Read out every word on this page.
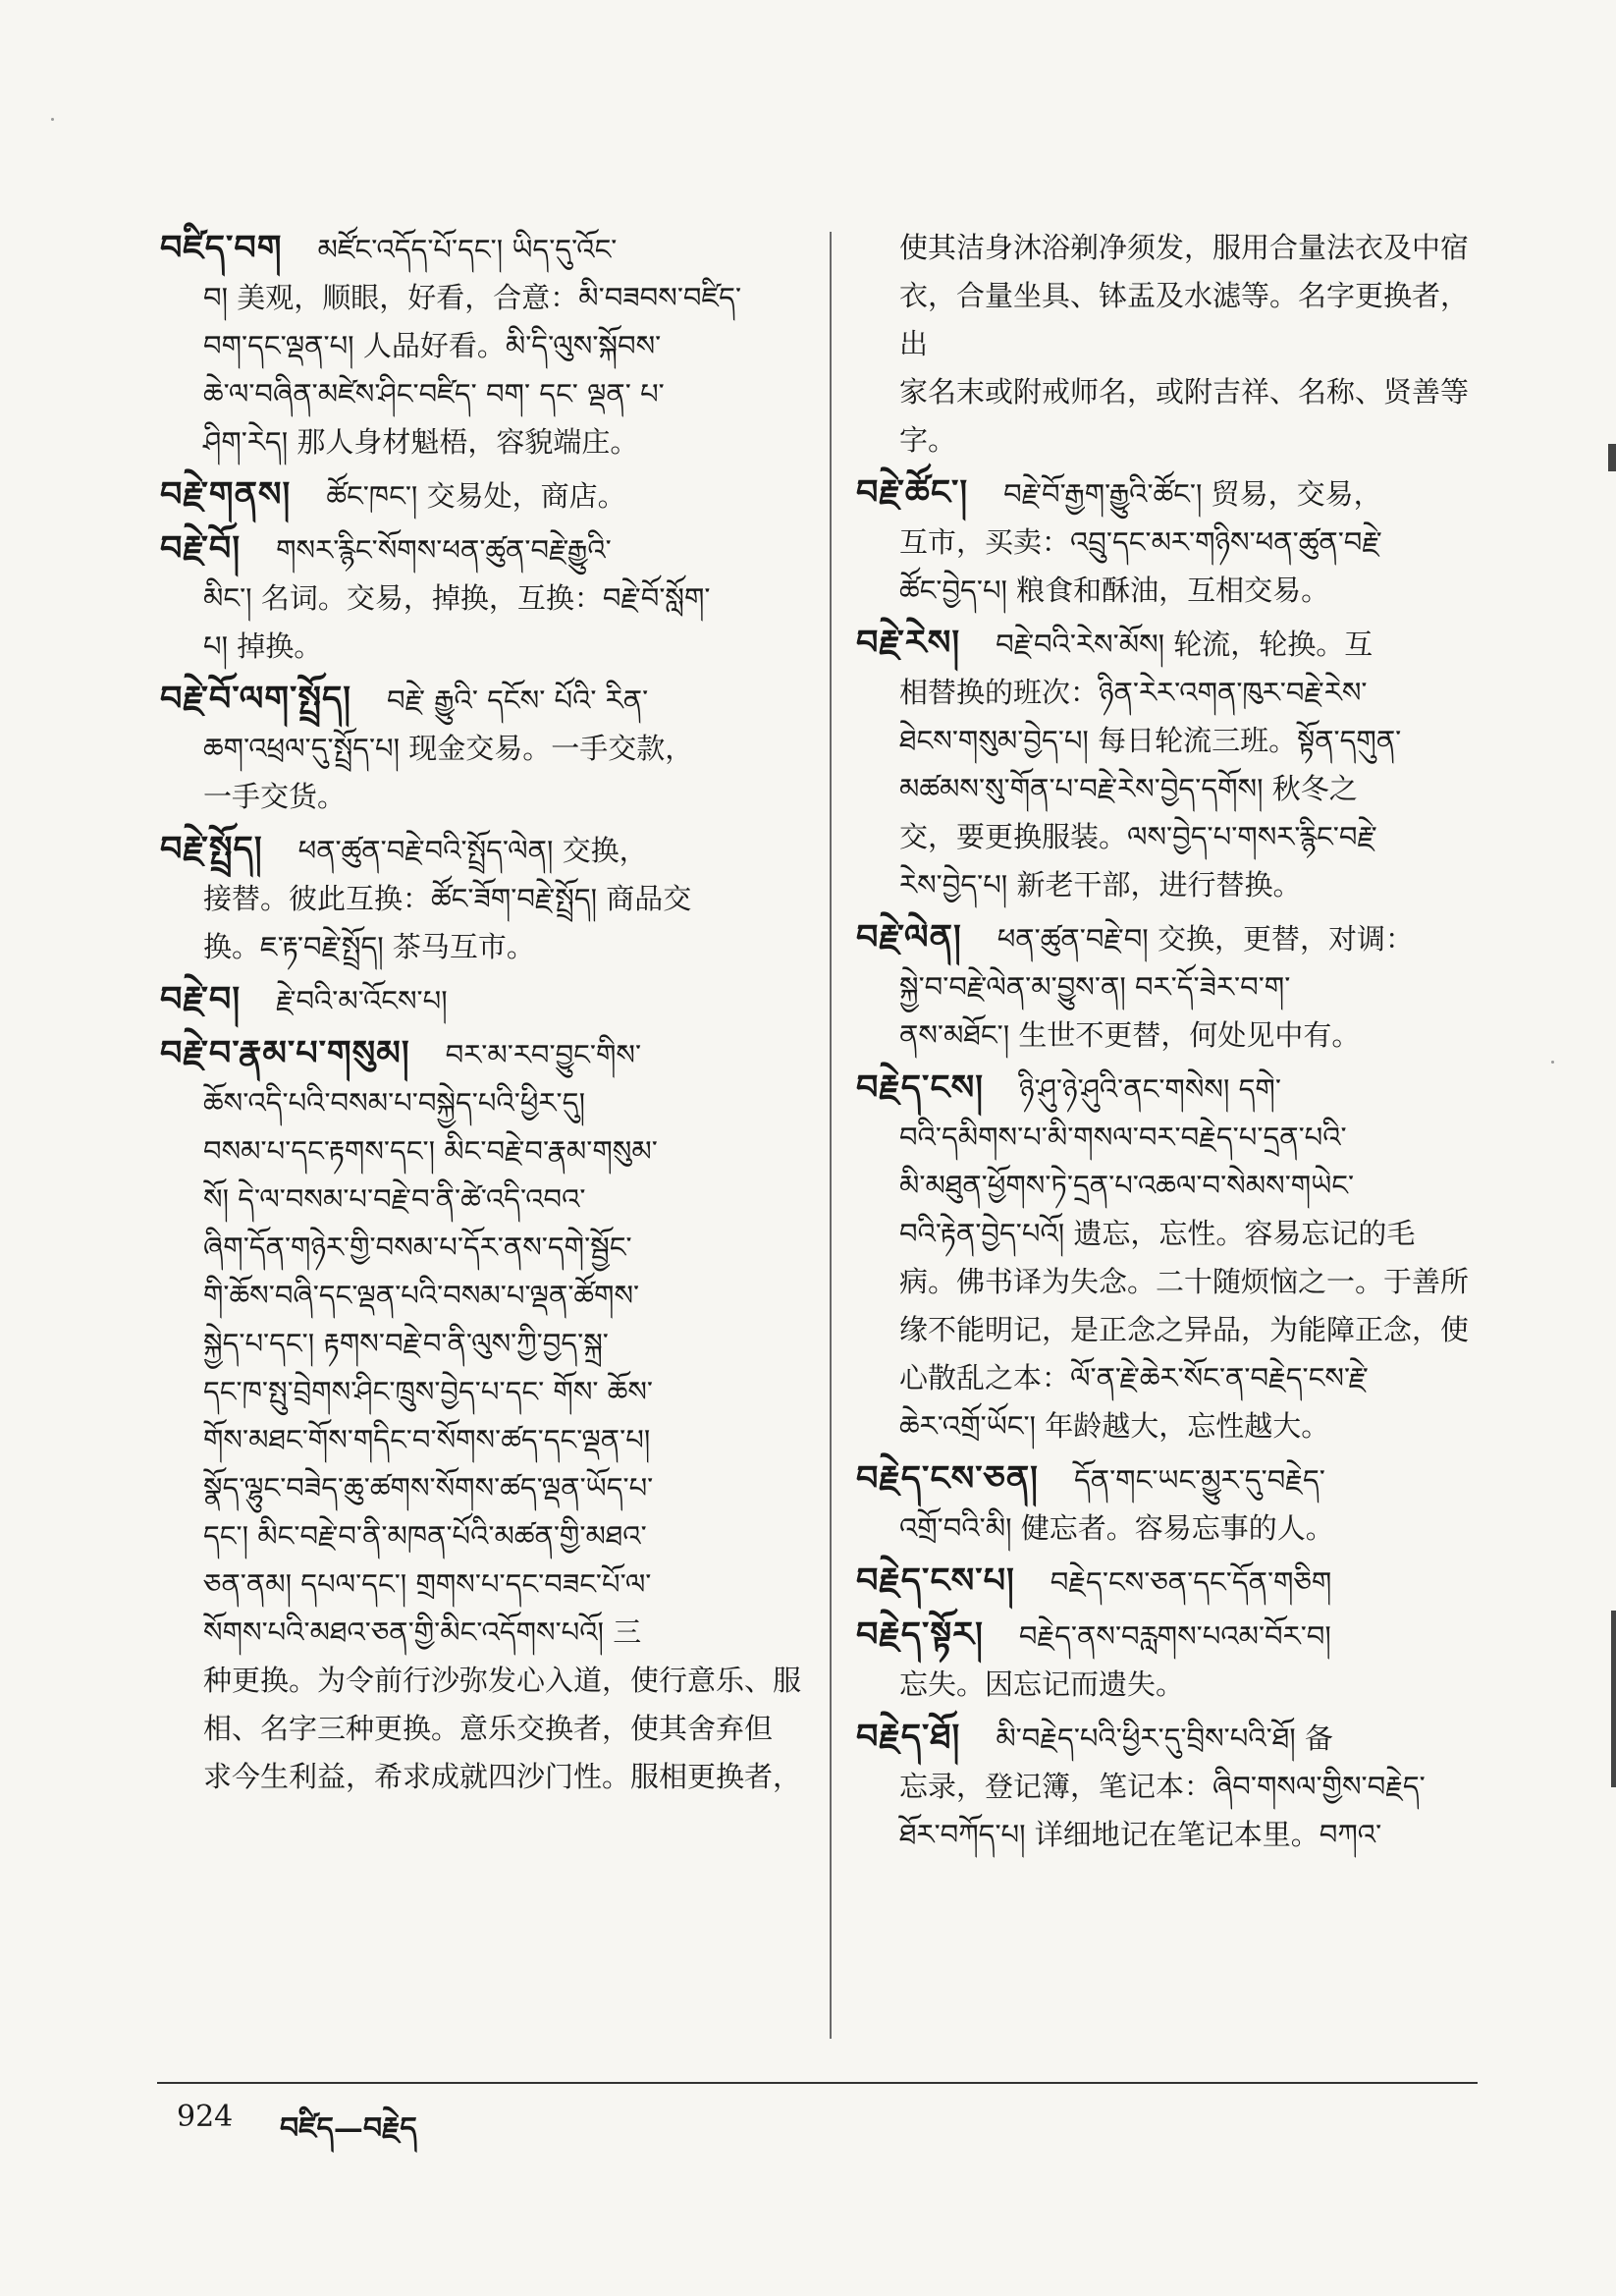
བཛིད་བག མཛོང་འདོད་པོ་དང་། ཡིད་དུ་འོང་
བ། 美观，顺眼，好看，合意：མི་བཟབས་བཛིད་
བག་དང་ལྡན་པ། 人品好看。མི་དི་ལུས་སྐོབས་
ཆེ་ལ་བཞིན་མཛེས་ཤིང་བཛིད་ བག་ དང་ ལྡན་ པ་
ཤིག་རེད། 那人身材魁梧，容貌端庄。
བརྗེ་གནས། ཚོང་ཁང་། 交易处，商店。
བརྗེ་བོ། གསར་རྙིང་སོགས་ཕན་ཚུན་བརྗེ་རྒྱུའི་
མིང་། 名词。交易，掉换，互换：བརྗེ་བོ་སློག་
པ། 掉换。
བརྗེ་བོ་ལག་སྤྲོད། བརྗེ་ རྒྱུའི་ དངོས་ པོའི་ རིན་
ཆག་འཕྲལ་དུ་སྤྲོད་པ། 现金交易。一手交款，
一手交货。
བརྗེ་སྤྲོད། ཕན་ཚུན་བརྗེ་བའི་སྤྲོད་ལེན། 交换，
接替。彼此互换：ཚོང་ཟོག་བརྗེ་སྤྲོད། 商品交
换。ཇ་རྟ་བརྗེ་སྤྲོད། 茶马互市。
བརྗེ་བ། རྗེ་བའི་མ་འོངས་པ།
བརྗེ་བ་རྣམ་པ་གསུམ། བར་མ་རབ་བྱུང་གིས་
ཆོས་འདི་པའི་བསམ་པ་བསྐྱེད་པའི་ཕྱིར་དུ།
བསམ་པ་དང་རྟགས་དང་། མིང་བརྗེ་བ་རྣམ་གསུམ་
སོ། དེ་ལ་བསམ་པ་བརྗེ་བ་ནི་ཚེ་འདི་འབའ་
ཞིག་དོན་གཉེར་གྱི་བསམ་པ་དོར་ནས་དགེ་སྦྱོང་
གི་ཆོས་བཞི་དང་ལྡན་པའི་བསམ་པ་ལྡན་ཚོགས་
སྐྱེད་པ་དང་། རྟགས་བརྗེ་བ་ནི་ལུས་ཀྱི་བྱད་སྐྲ་
དང་ཁ་སྤུ་བྲེགས་ཤིང་ཁྲུས་བྱེད་པ་དང་ གོས་ ཆོས་
གོས་མཐང་གོས་གདིང་བ་སོགས་ཚད་དང་ལྡན་པ།
སྣོད་ལྷུང་བཟེད་ཆུ་ཚགས་སོགས་ཚད་ལྡན་ཡོད་པ་
དང་། མིང་བརྗེ་བ་ནི་མཁན་པོའི་མཚན་གྱི་མཐའ་
ཅན་ནམ། དཔལ་དང་། གྲགས་པ་དང་བཟང་པོ་ལ་
སོགས་པའི་མཐའ་ཅན་གྱི་མིང་འདོགས་པའོ། 三
种更换。为令前行沙弥发心入道，使行意乐、服
相、名字三种更换。意乐交换者，使其舍弃但
求今生利益，希求成就四沙门性。服相更换者，
使其洁身沐浴剃净须发，服用合量法衣及中宿
衣，合量坐具、钵盂及水滤等。名字更换者，出
家名末或附戒师名，或附吉祥、名称、贤善等字。
བརྗེ་ཚོང་། བརྗེ་བོ་རྒྱག་རྒྱུའི་ཚོང་། 贸易，交易，
互市，买卖：འབྲུ་དང་མར་གཉིས་ཕན་ཚུན་བརྗེ་
ཚོང་བྱེད་པ། 粮食和酥油，互相交易。
བརྗེ་རེས། བརྗེ་བའི་རེས་མོས། 轮流，轮换。互
相替换的班次：ཉིན་རེར་འགན་ཁུར་བརྗེ་རེས་
ཐེངས་གསུམ་བྱེད་པ། 每日轮流三班。སྟོན་དགུན་
མཚམས་སུ་གོན་པ་བརྗེ་རེས་བྱེད་དགོས། 秋冬之
交，要更换服装。ལས་བྱེད་པ་གསར་རྙིང་བརྗེ་
རེས་བྱེད་པ། 新老干部，进行替换。
བརྗེ་ལེན། ཕན་ཚུན་བརྗེ་བ། 交换，更替，对调：
སྐྱེ་བ་བརྗེ་ལེན་མ་བྱུས་ན། བར་དོ་ཟེར་བ་ག་
ནས་མཐོང་། 生世不更替，何处见中有。
བརྗེད་ངས། ཉི་ཤུ་ཉེ་ཤུའི་ནང་གསེས། དགེ་
བའི་དམིགས་པ་མི་གསལ་བར་བརྗེད་པ་དྲན་པའི་
མི་མཐུན་ཕྱོགས་ཏེ་དྲན་པ་འཆལ་བ་སེམས་གཡེང་
བའི་རྟེན་བྱེད་པའོ། 遗忘，忘性。容易忘记的毛
病。佛书译为失念。二十随烦恼之一。于善所
缘不能明记，是正念之异品，为能障正念，使
心散乱之本：ལོ་ན་རྗེ་ཆེར་སོང་ན་བརྗེད་ངས་རྗེ་
ཆེར་འགྲོ་ཡོང་། 年龄越大，忘性越大。
བརྗེད་ངས་ཅན། དོན་གང་ཡང་མྱུར་དུ་བརྗེད་
འགྲོ་བའི་མི། 健忘者。容易忘事的人。
བརྗེད་ངས་པ། བརྗེད་ངས་ཅན་དང་དོན་གཅིག
བརྗེད་སྟོར། བརྗེད་ནས་བརླགས་པའམ་བོར་བ།
忘失。因忘记而遗失。
བརྗེད་ཐོ། མི་བརྗེད་པའི་ཕྱིར་དུ་བྲིས་པའི་ཐོ། 备
忘录，登记簿，笔记本：ཞིབ་གསལ་གྱིས་བརྗེད་
ཐོར་བཀོད་པ། 详细地记在笔记本里。བཀའ་
924 བཛིད—བརྗེད
